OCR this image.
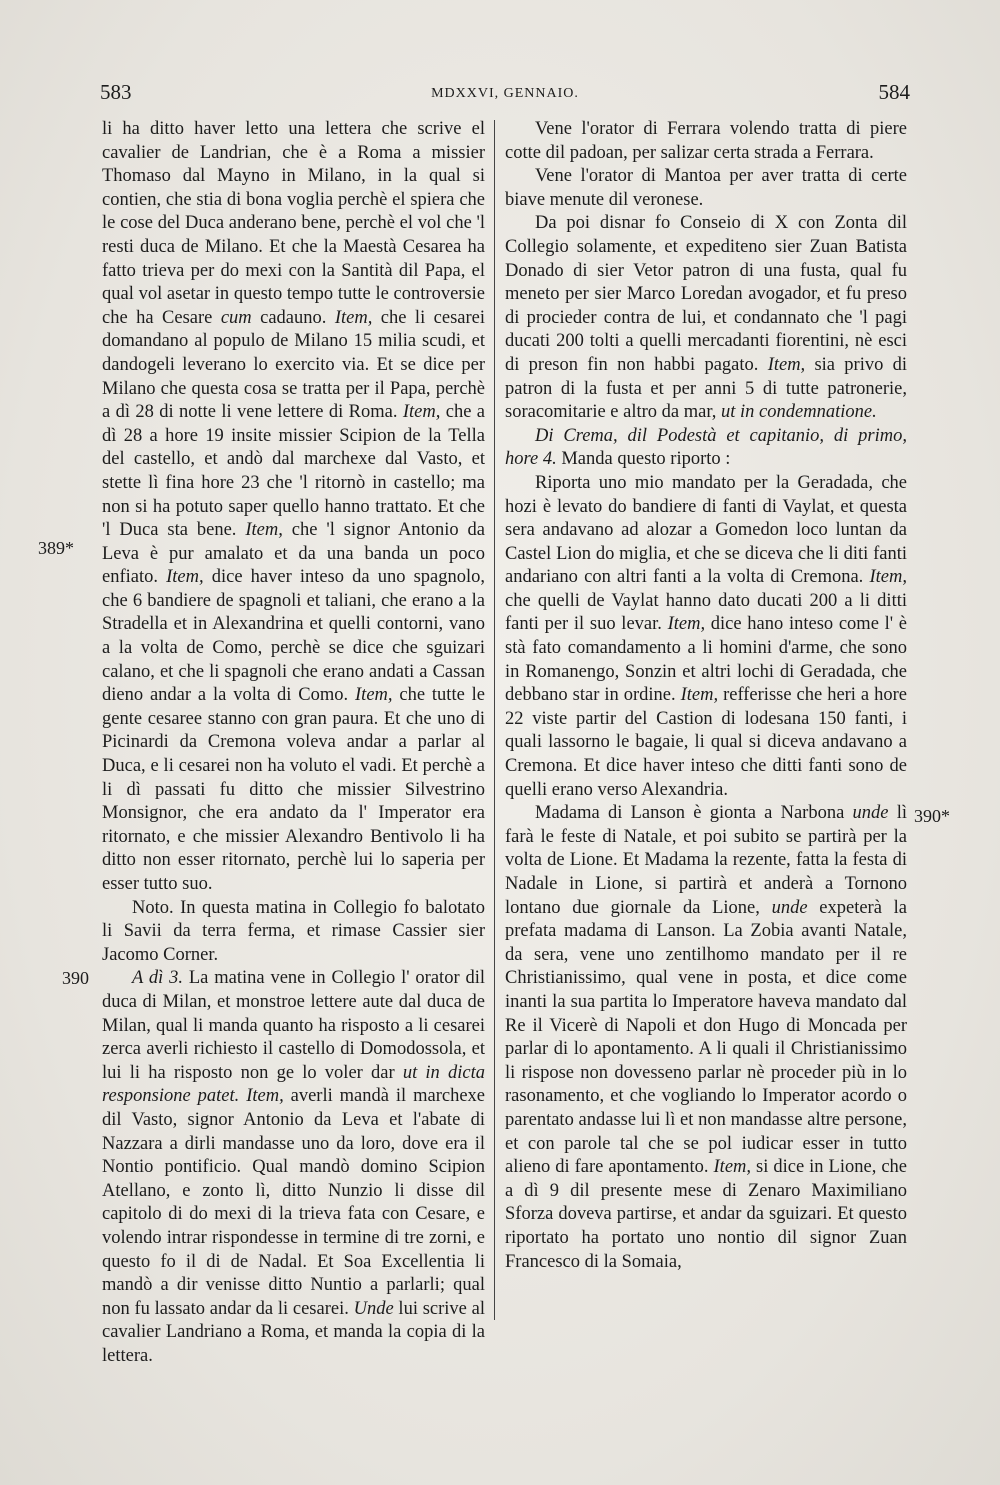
583	MDXXVI, GENNAIO.	584
389*
390
390*

li ha ditto haver letto una lettera che scrive el cavalier de Landrian, che è a Roma a missier Thomaso dal Mayno in Milano, in la qual si contien, che stia di bona voglia perchè el spiera che le cose del Duca anderano bene, perchè el vol che 'l resti duca de Milano. Et che la Maestà Cesarea ha fatto trieva per do mexi con la Santità dil Papa, el qual vol asetar in questo tempo tutte le controversie che ha Cesare cum cadauno. Item, che li cesarei domandano al populo de Milano 15 milia scudi, et dandogeli leverano lo exercito via. Et se dice per Milano che questa cosa se tratta per il Papa, perchè a dì 28 di notte li vene lettere di Roma. Item, che a dì 28 a hore 19 insite missier Scipion de la Tella del castello, et andò dal marchexe dal Vasto, et stette lì fina hore 23 che 'l ritornò in castello; ma non si ha potuto saper quello hanno trattato. Et che 'l Duca sta bene. Item, che 'l signor Antonio da Leva è pur amalato et da una banda un poco enfiato. Item, dice haver inteso da uno spagnolo, che 6 bandiere de spagnoli et taliani, che erano a la Stradella et in Alexandrina et quelli contorni, vano a la volta de Como, perchè se dice che sguizari calano, et che li spagnoli che erano andati a Cassan dieno andar a la volta di Como. Item, che tutte le gente cesaree stanno con gran paura. Et che uno di Picinardi da Cremona voleva andar a parlar al Duca, e li cesarei non ha voluto el vadi. Et perchè a li dì passati fu ditto che missier Silvestrino Monsignor, che era andato da l' Imperator era ritornato, e che missier Alexandro Bentivolo li ha ditto non esser ritornato, perchè lui lo saperia per esser tutto suo.

Noto. In questa matina in Collegio fo balotato li Savii da terra ferma, et rimase Cassier sier Jacomo Corner.

A dì 3. La matina vene in Collegio l' orator dil duca di Milan, et monstroe lettere aute dal duca de Milan, qual li manda quanto ha risposto a li cesarei zerca averli richiesto il castello di Domodossola, et lui li ha risposto non ge lo voler dar ut in dicta responsione patet. Item, averli mandà il marchexe dil Vasto, signor Antonio da Leva et l'abate di Nazzara a dirli mandasse uno da loro, dove era il Nontio pontificio. Qual mandò domino Scipion Atellano, e zonto lì, ditto Nunzio li disse dil capitolo di do mexi di la trieva fata con Cesare, e volendo intrar rispondesse in termine di tre zorni, e questo fo il di de Nadal. Et Soa Excellentia li mandò a dir venisse ditto Nuntio a parlarli; qual non fu lassato andar da li cesarei. Unde lui scrive al cavalier Landriano a Roma, et manda la copia di la lettera.

Vene l'orator di Ferrara volendo tratta di piere cotte dil padoan, per salizar certa strada a Ferrara.

Vene l'orator di Mantoa per aver tratta di certe biave menute dil veronese.

Da poi disnar fo Conseio di X con Zonta dil Collegio solamente, et expediteno sier Zuan Batista Donado di sier Vetor patron di una fusta, qual fu meneto per sier Marco Loredan avogador, et fu preso di procieder contra de lui, et condannato che 'l pagi ducati 200 tolti a quelli mercadanti fiorentini, nè esci di preson fin non habbi pagato. Item, sia privo di patron di la fusta et per anni 5 di tutte patronerie, soracomitarie e altro da mar, ut in condemnatione.

Di Crema, dil Podestà et capitanio, di primo, hore 4. Manda questo riporto :

Riporta uno mio mandato per la Geradada, che hozi è levato do bandiere di fanti di Vaylat, et questa sera andavano ad alozar a Gomedon loco luntan da Castel Lion do miglia, et che se diceva che li diti fanti andariano con altri fanti a la volta di Cremona. Item, che quelli de Vaylat hanno dato ducati 200 a li ditti fanti per il suo levar. Item, dice hano inteso come l' è stà fato comandamento a li homini d'arme, che sono in Romanengo, Sonzin et altri lochi di Geradada, che debbano star in ordine. Item, refferisse che heri a hore 22 viste partir del Castion di lodesana 150 fanti, i quali lassorno le bagaie, li qual si diceva andavano a Cremona. Et dice haver inteso che ditti fanti sono de quelli erano verso Alexandria.

Madama di Lanson è gionta a Narbona unde lì farà le feste di Natale, et poi subito se partirà per la volta de Lione. Et Madama la rezente, fatta la festa di Nadale in Lione, si partirà et anderà a Tornono lontano due giornale da Lione, unde expeterà la prefata madama di Lanson. La Zobia avanti Natale, da sera, vene uno zentilhomo mandato per il re Christianissimo, qual vene in posta, et dice come inanti la sua partita lo Imperatore haveva mandato dal Re il Vicerè di Napoli et don Hugo di Moncada per parlar di lo apontamento. A li quali il Christianissimo li rispose non dovesseno parlar nè proceder più in lo rasonamento, et che vogliando lo Imperator acordo o parentato andasse lui lì et non mandasse altre persone, et con parole tal che se pol iudicar esser in tutto alieno di fare apontamento. Item, si dice in Lione, che a dì 9 dil presente mese di Zenaro Maximiliano Sforza doveva partirse, et andar da sguizari. Et questo riportato ha portato uno nontio dil signor Zuan Francesco di la Somaia,
